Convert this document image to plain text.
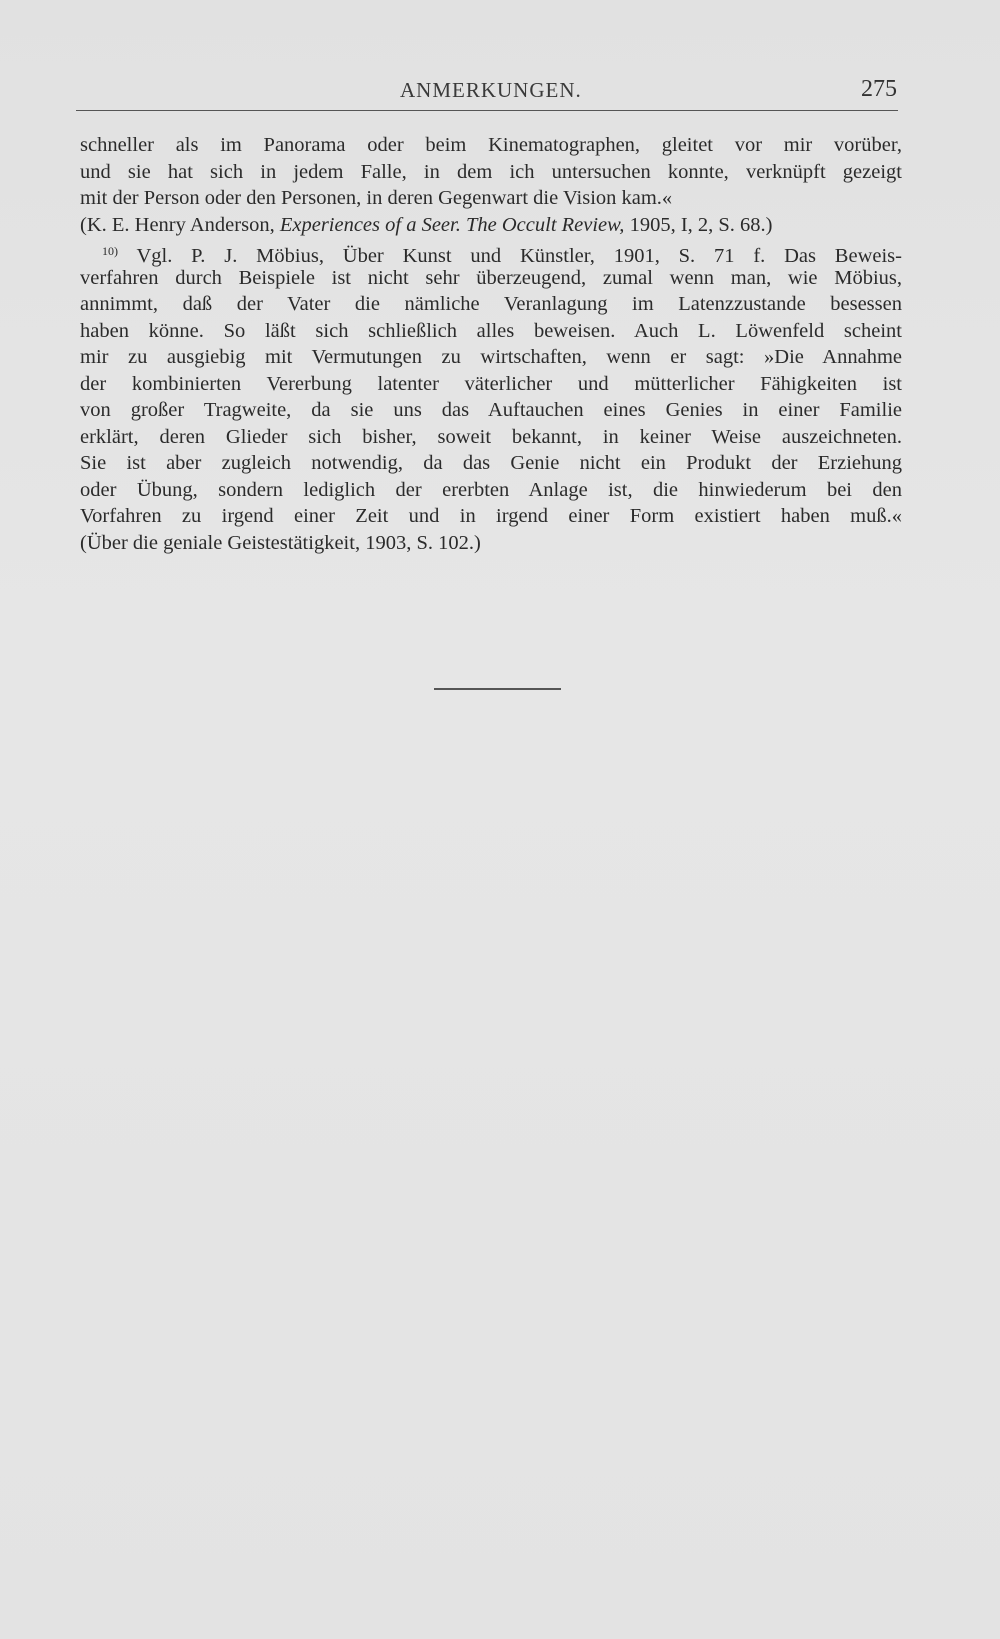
ANMERKUNGEN.	275
schneller als im Panorama oder beim Kinematographen, gleitet vor mir vorüber,
und sie hat sich in jedem Falle, in dem ich untersuchen konnte, verknüpft gezeigt
mit der Person oder den Personen, in deren Gegenwart die Vision kam.«
(K. E. Henry Anderson, Experiences of a Seer. The Occult Review, 1905, I, 2, S. 68.)
$^{10)}$ Vgl. P. J. Möbius, Über Kunst und Künstler, 1901, S. 71 f. Das Beweis-
verfahren durch Beispiele ist nicht sehr überzeugend, zumal wenn man, wie Möbius,
annimmt, daß der Vater die nämliche Veranlagung im Latenzzustande besessen
haben könne. So läßt sich schließlich alles beweisen. Auch L. Löwenfeld scheint
mir zu ausgiebig mit Vermutungen zu wirtschaften, wenn er sagt: »Die Annahme
der kombinierten Vererbung latenter väterlicher und mütterlicher Fähigkeiten ist
von großer Tragweite, da sie uns das Auftauchen eines Genies in einer Familie
erklärt, deren Glieder sich bisher, soweit bekannt, in keiner Weise auszeichneten.
Sie ist aber zugleich notwendig, da das Genie nicht ein Produkt der Erziehung
oder Übung, sondern lediglich der ererbten Anlage ist, die hinwiederum bei den
Vorfahren zu irgend einer Zeit und in irgend einer Form existiert haben muß.«
(Über die geniale Geistestätigkeit, 1903, S. 102.)
